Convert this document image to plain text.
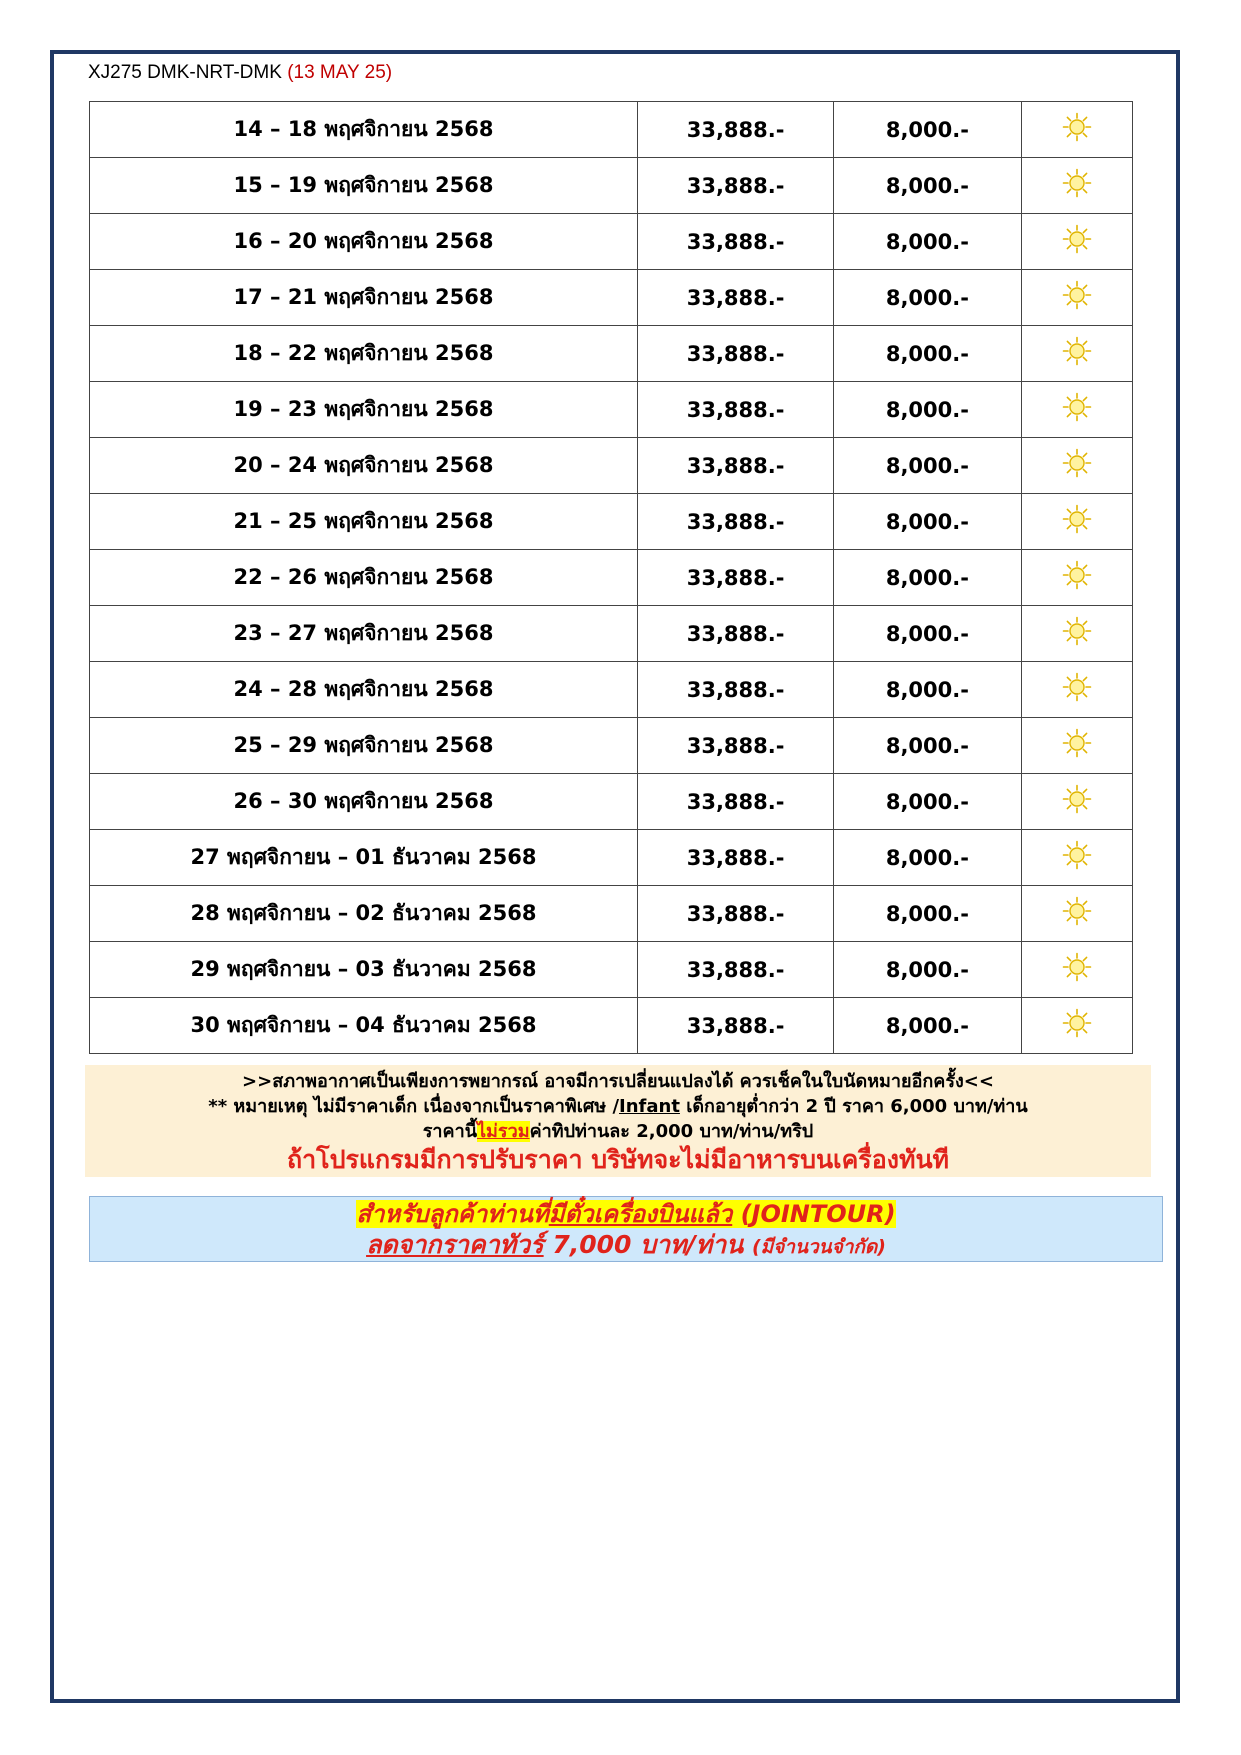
XJ275 DMK-NRT-DMK (13 MAY 25)
14 – 18 พฤศจิกายน 2568	33,888.-	8,000.-	
15 – 19 พฤศจิกายน 2568	33,888.-	8,000.-	
16 – 20 พฤศจิกายน 2568	33,888.-	8,000.-	
17 – 21 พฤศจิกายน 2568	33,888.-	8,000.-	
18 – 22 พฤศจิกายน 2568	33,888.-	8,000.-	
19 – 23 พฤศจิกายน 2568	33,888.-	8,000.-	
20 – 24 พฤศจิกายน 2568	33,888.-	8,000.-	
21 – 25 พฤศจิกายน 2568	33,888.-	8,000.-	
22 – 26 พฤศจิกายน 2568	33,888.-	8,000.-	
23 – 27 พฤศจิกายน 2568	33,888.-	8,000.-	
24 – 28 พฤศจิกายน 2568	33,888.-	8,000.-	
25 – 29 พฤศจิกายน 2568	33,888.-	8,000.-	
26 – 30 พฤศจิกายน 2568	33,888.-	8,000.-	
27 พฤศจิกายน – 01 ธันวาคม 2568	33,888.-	8,000.-	
28 พฤศจิกายน – 02 ธันวาคม 2568	33,888.-	8,000.-	
29 พฤศจิกายน – 03 ธันวาคม 2568	33,888.-	8,000.-	
30 พฤศจิกายน – 04 ธันวาคม 2568	33,888.-	8,000.-	
>>สภาพอากาศเป็นเพียงการพยากรณ์ อาจมีการเปลี่ยนแปลงได้ ควรเช็คในใบนัดหมายอีกครั้ง<<
** หมายเหตุ ไม่มีราคาเด็ก เนื่องจากเป็นราคาพิเศษ /Infant เด็กอายุต่ำกว่า 2 ปี ราคา 6,000 บาท/ท่าน
ราคานี้ไม่รวมค่าทิปท่านละ 2,000 บาท/ท่าน/ทริป
ถ้าโปรแกรมมีการปรับราคา บริษัทจะไม่มีอาหารบนเครื่องทันที
สำหรับลูกค้าท่านที่มีตั๋วเครื่องบินแล้ว (JOINTOUR)
ลดจากราคาทัวร์ 7,000 บาท/ท่าน (มีจำนวนจำกัด)
